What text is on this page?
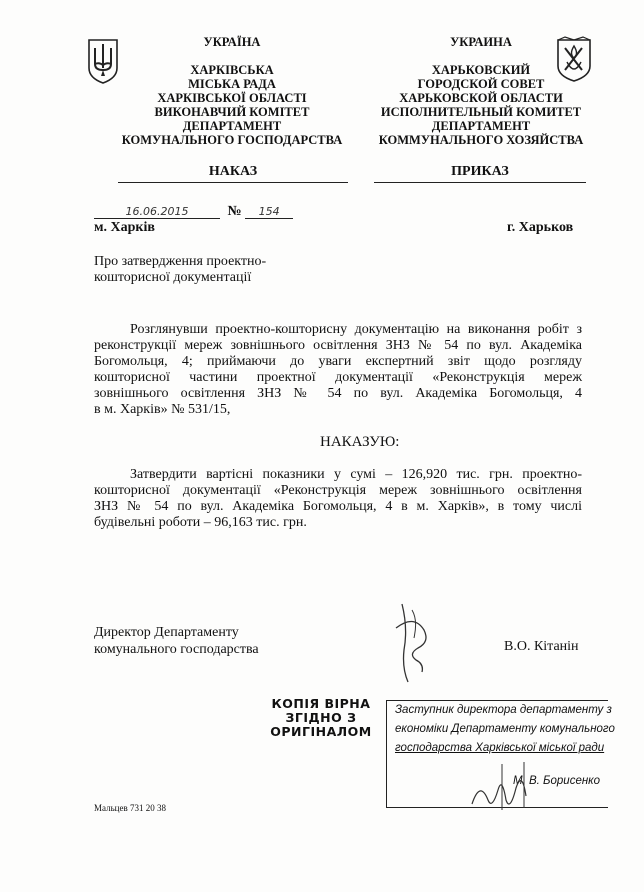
УКРАЇНА
ХАРКІВСЬКА
МІСЬКА РАДА
ХАРКІВСЬКОЇ ОБЛАСТІ
ВИКОНАВЧИЙ КОМІТЕТ
ДЕПАРТАМЕНТ
КОМУНАЛЬНОГО ГОСПОДАРСТВА
УКРАИНА
ХАРЬКОВСКИЙ
ГОРОДСКОЙ СОВЕТ
ХАРЬКОВСКОЙ ОБЛАСТИ
ИСПОЛНИТЕЛЬНЫЙ КОМИТЕТ
ДЕПАРТАМЕНТ
КОММУНАЛЬНОГО ХОЗЯЙСТВА
НАКАЗ	ПРИКАЗ
16.06.2015	№ 154
м. Харків	г. Харьков
Про затвердження проектно-
кошторисної документації
Розглянувши проектно-кошторисну документацію на виконання робіт з
реконструкції мереж зовнішнього освітлення ЗНЗ № 54 по вул. Академіка
Богомольця, 4; приймаючи до уваги експертний звіт щодо розгляду
кошторисної частини проектної документації «Реконструкція мереж
зовнішнього освітлення ЗНЗ № 54 по вул. Академіка Богомольця, 4
в м. Харків» № 531/15,
НАКАЗУЮ:
Затвердити вартісні показники у сумі – 126,920 тис. грн. проектно-
кошторисної документації «Реконструкція мереж зовнішнього освітлення
ЗНЗ № 54 по вул. Академіка Богомольця, 4 в м. Харків», в тому числі
будівельні роботи – 96,163 тис. грн.
Директор Департаменту
комунального господарства	В.О. Кітанін
КОПІЯ ВІРНА
ЗГІДНО З
ОРИГІНАЛОМ
Заступник директора департаменту з
економіки Департаменту комунального
господарства Харківської міської ради
М. В. Борисенко
Мальцев 731 20 38
